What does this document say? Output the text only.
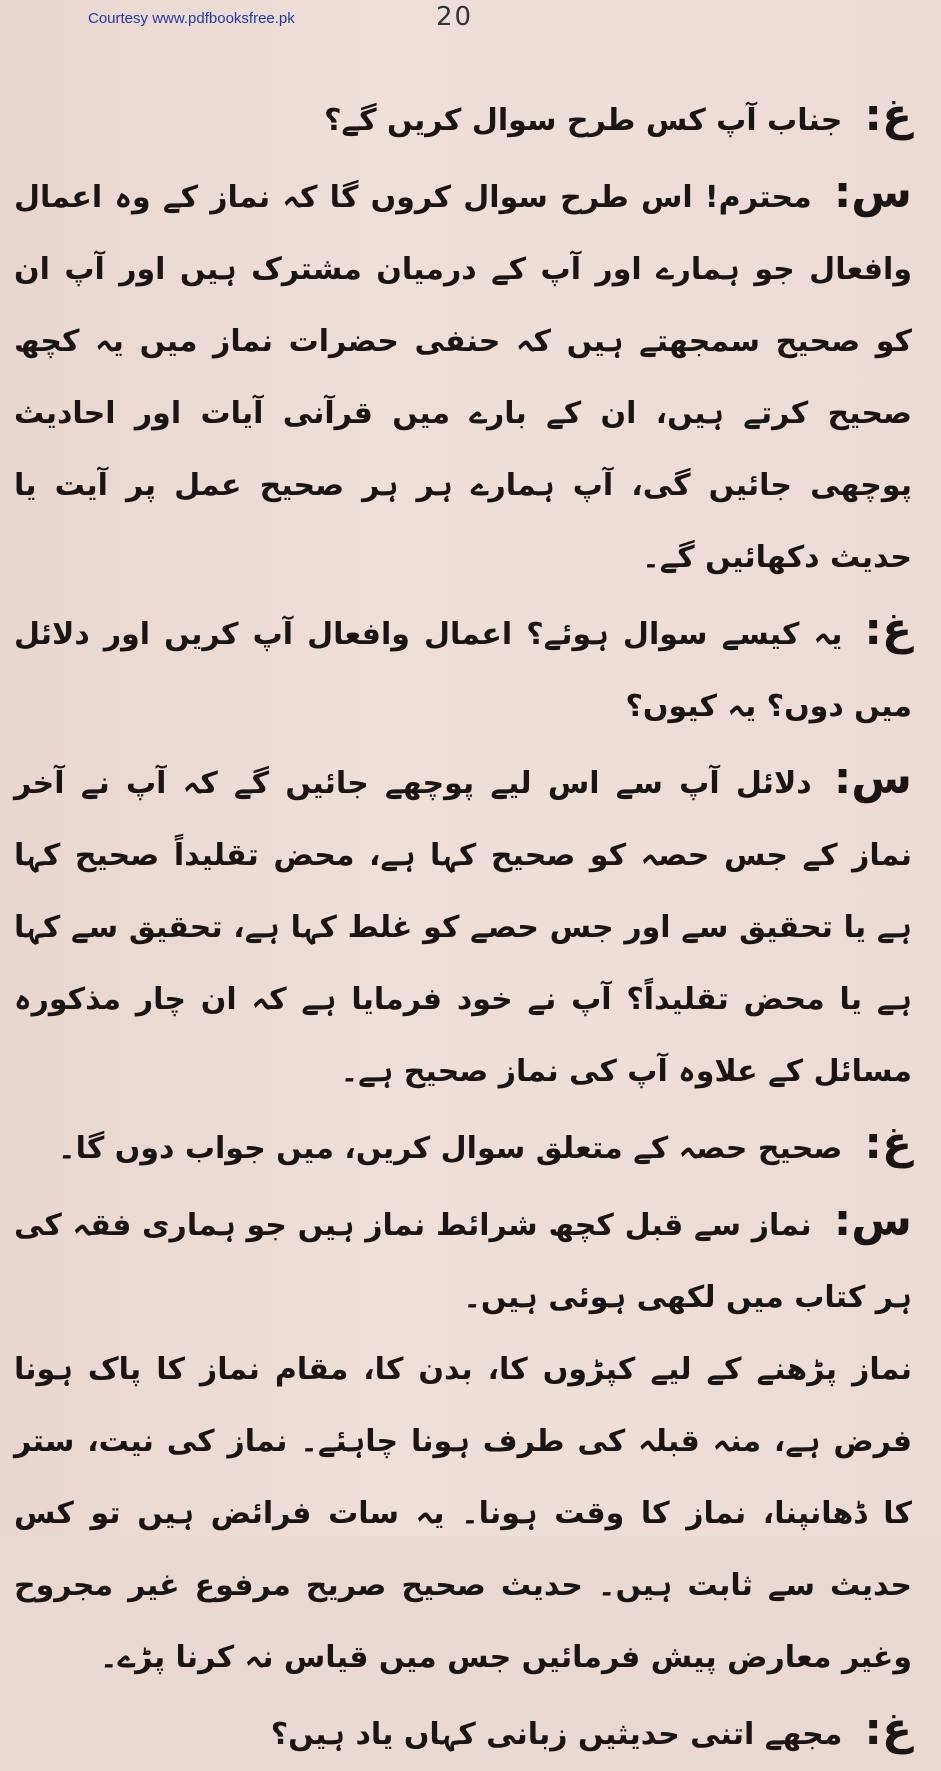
Courtesy www.pdfbooksfree.pk	20
غ:جناب آپ کس طرح سوال کریں گے؟
س:محترم! اس طرح سوال کروں گا کہ نماز کے وہ اعمال وافعال جو ہمارے اور آپ کے درمیان مشترک ہیں اور آپ ان کو صحیح سمجھتے ہیں کہ حنفی حضرات نماز میں یہ کچھ صحیح کرتے ہیں، ان کے بارے میں قرآنی آیات اور احادیث پوچھی جائیں گی، آپ ہمارے ہر ہر صحیح عمل پر آیت یا حدیث دکھائیں گے۔
غ:یہ کیسے سوال ہوئے؟ اعمال وافعال آپ کریں اور دلائل میں دوں؟ یہ کیوں؟
س:دلائل آپ سے اس لیے پوچھے جائیں گے کہ آپ نے آخر نماز کے جس حصہ کو صحیح کہا ہے، محض تقلیداً صحیح کہا ہے یا تحقیق سے اور جس حصے کو غلط کہا ہے، تحقیق سے کہا ہے یا محض تقلیداً؟ آپ نے خود فرمایا ہے کہ ان چار مذکورہ مسائل کے علاوہ آپ کی نماز صحیح ہے۔
غ:صحیح حصہ کے متعلق سوال کریں، میں جواب دوں گا۔
س:نماز سے قبل کچھ شرائط نماز ہیں جو ہماری فقہ کی ہر کتاب میں لکھی ہوئی ہیں۔
نماز پڑھنے کے لیے کپڑوں کا، بدن کا، مقام نماز کا پاک ہونا فرض ہے، منہ قبلہ کی طرف ہونا چاہئے۔ نماز کی نیت، ستر کا ڈھانپنا، نماز کا وقت ہونا۔ یہ سات فرائض ہیں تو کس حدیث سے ثابت ہیں۔ حدیث صحیح صریح مرفوع غیر مجروح وغیر معارض پیش فرمائیں جس میں قیاس نہ کرنا پڑے۔
غ:مجھے اتنی حدیثیں زبانی کہاں یاد ہیں؟
